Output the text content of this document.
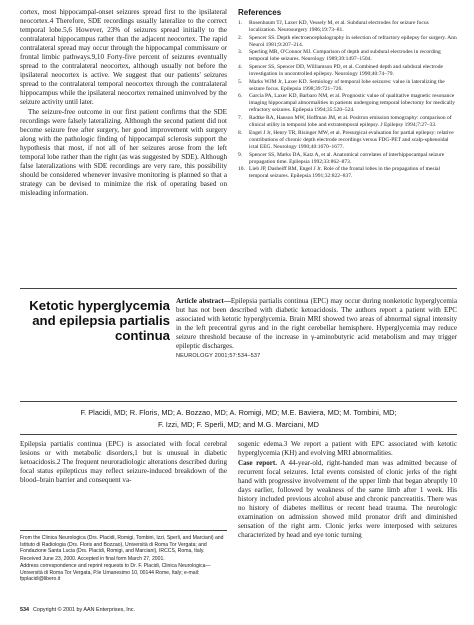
cortex, most hippocampal-onset seizures spread first to the ipsilateral neocortex.4 Therefore, SDE recordings usually lateralize to the correct temporal lobe.5,6 However, 23% of seizures spread initially to the contralateral hippocampus rather than the adjacent neocortex. The rapid contralateral spread may occur through the hippocampal commissure or frontal limbic pathways.9,10 Forty-five percent of seizures eventually spread to the contralateral neocortex, although usually not before the ipsilateral neocortex is active. We suggest that our patients' seizures spread to the contralateral temporal neocortex through the contralateral hippocampus while the ipsilateral neocortex remained uninvolved by the seizure activity until later.

The seizure-free outcome in our first patient confirms that the SDE recordings were falsely lateralizing. Although the second patient did not become seizure free after surgery, her good improvement with surgery along with the pathologic finding of hippocampal sclerosis support the hypothesis that most, if not all of her seizures arose from the left temporal lobe rather than the right (as was suggested by SDE). Although false lateralizations with SDE recordings are very rare, this possibility should be considered whenever invasive monitoring is planned so that a strategy can be devised to minimize the risk of operating based on misleading information.

References
1. Rosenbaum TJ, Laxer KD, Vessely M, et al. Subdural electrodes for seizure focus localization. Neurosurgery 1986;19:73–81.
2. Spencer SS. Depth electroencephalography in selection of refractory epilepsy for surgery. Ann Neurol 1981;9:207–214.
3. Sperling MR, O'Connor MJ. Comparison of depth and subdural electrodes in recording temporal lobe seizures. Neurology 1989;39:1497–1504.
4. Spencer SS, Spencer DD, Williamson PD, et al. Combined depth and subdural electrode investigation in uncontrolled epilepsy. Neurology 1990;40:74–79.
5. Marks WJM Jr, Laxer KD. Semiology of temporal lobe seizures: value in lateralizing the seizure focus. Epilepsia 1998;39:721–726.
6. Garcia PA, Laxer KD, Barbaro NM, et al. Prognostic value of qualitative magnetic resonance imaging hippocampal abnormalities in patients undergoing temporal lobectomy for medically refractory seizures. Epilepsia 1994;35:520–524.
7. Radtke RA, Hanson MW, Hoffman JM, et al. Positron emission tomography: comparison of clinical utility in temporal lobe and extratemporal epilepsy. J Epilepsy 1994;7:27–33.
8. Engel J Jr, Henry TR, Risinger MW, et al. Presurgical evaluation for partial epilepsy: relative contributions of chronic depth electrode recordings versus FDG-PET and scalp-sphenoidal ictal EEG. Neurology 1990;40:1670–1677.
9. Spencer SS, Marks DA, Katz A, et al. Anatomical correlates of interhippocampal seizure propagation time. Epilepsia 1992;33:862–873.
10. Lieb JP, Dasheiff RM, Engel J Jr. Role of the frontal lobes in the propagation of mesial temporal seizures. Epilepsia 1991;32:822–837.
Ketotic hyperglycemia
and epilepsia partialis
continua
Article abstract—Epilepsia partialis continua (EPC) may occur during nonketotic hyperglycemia but has not been described with diabetic ketoacidosis. The authors report a patient with EPC associated with ketotic hyperglycemia. Brain MRI showed two areas of abnormal signal intensity in the left precentral gyrus and in the right cerebellar hemisphere. Hyperglycemia may reduce seizure threshold because of the increase in γ-aminobutyric acid metabolism and may trigger epileptic discharges.
NEUROLOGY 2001;57:534–537
F. Placidi, MD; R. Floris, MD; A. Bozzao, MD; A. Romigi, MD; M.E. Baviera, MD; M. Tombini, MD;
F. Izzi, MD; F. Sperli, MD; and M.G. Marciani, MD

Epilepsia partialis continua (EPC) is associated with focal cerebral lesions or with metabolic disorders,1 but is unusual in diabetic ketoacidosis.2 The frequent neuroradiologic alterations described during focal status epilepticus may reflect seizure-induced breakdown of the blood–brain barrier and consequent va-

From the Clinica Neurologica (Drs. Placidi, Romigi, Tombini, Izzi, Sperli, and Marciani) and Istituto di Radiologia (Drs. Floris and Bozzao), Università di Roma Tor Vergata; and Fondazione Santa Lucia (Drs. Placidi, Romigi, and Marciani), IRCCS, Roma, Italy.

Received June 23, 2000. Accepted in final form March 27, 2001.

Address correspondence and reprint requests to Dr. F. Placidi, Clinica Neurologica—Università di Roma Tor Vergata, P.le Umanesimo 10, 00144 Rome, Italy; e-mail: fpplacidi@libero.it

534 Copyright © 2001 by AAN Enterprises, Inc.

sogenic edema.3 We report a patient with EPC associated with ketotic hyperglycemia (KH) and evolving MRI abnormalities.

Case report. A 44-year-old, right-handed man was admitted because of recurrent focal seizures. Ictal events consisted of clonic jerks of the right hand with progressive involvement of the upper limb that began abruptly 10 days earlier, followed by weakness of the same limb after 1 week. His history included previous alcohol abuse and chronic pancreatitis. There was no history of diabetes mellitus or recent head trauma. The neurologic examination on admission showed mild pronator drift and diminished sensation of the right arm. Clonic jerks were interposed with seizures characterized by head and eye tonic turning
